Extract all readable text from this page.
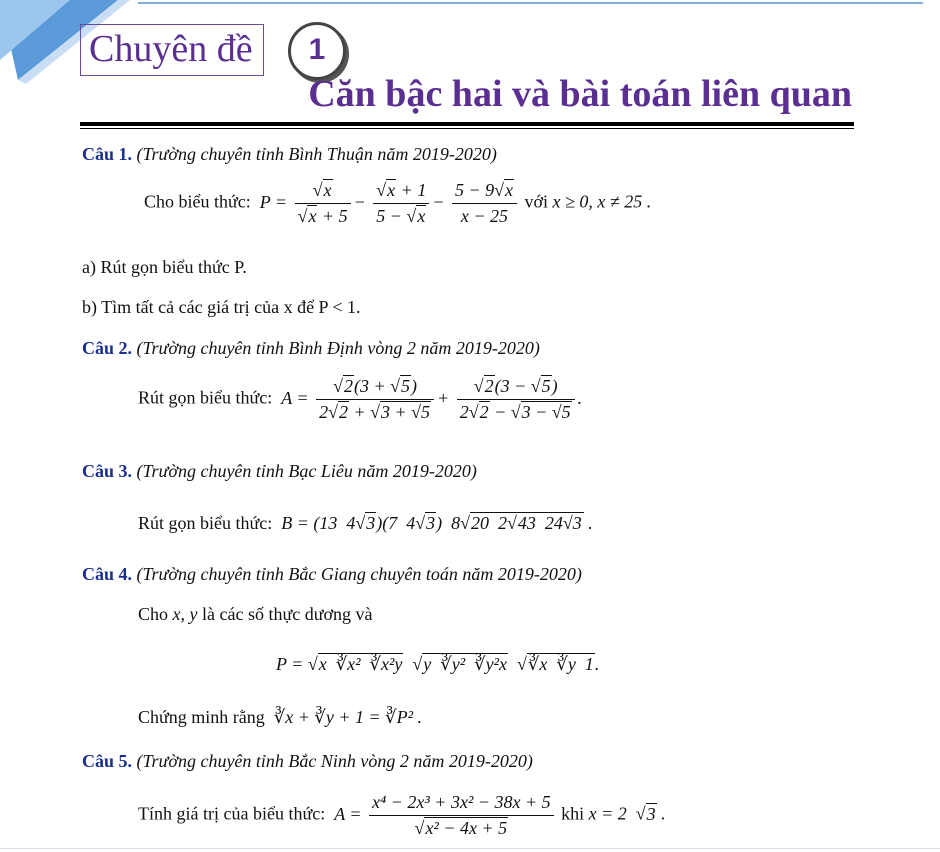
Chuyên đề	1
Căn bậc hai và bài toán liên quan
Câu 1. (Trường chuyên tỉnh Bình Thuận năm 2019-2020)
Cho biểu thức:  $P = \frac{√x}{√x + 5} - \frac{√x + 1}{5 - √x} - \frac{5 - 9√x}{x - 25}$ với x ≥ 0, x ≠ 25 .
a) Rút gọn biểu thức P.
b) Tìm tất cả các giá trị của x để P < 1.
Câu 2. (Trường chuyên tỉnh Bình Định vòng 2 năm 2019-2020)
Rút gọn biểu thức:  $A = \frac{√2(3 + √5)}{2√2 + √3 + √5} + \frac{√2(3 - √5)}{2√2 - √3 - √5}$ .
Câu 3. (Trường chuyên tỉnh Bạc Liêu năm 2019-2020)
Rút gọn biểu thức:  B = (13  4√3)(7  4√3)  8√20  2√43  24√3 .
Câu 4. (Trường chuyên tỉnh Bắc Giang chuyên toán năm 2019-2020)
Cho x, y là các số thực dương và
P = √x  ∛x²  ∛x²y  √y  ∛y²  ∛y²x  √∛x  ∛y  1.
Chứng minh rằng  ∛x + ∛y + 1 = ∛P² .
Câu 5. (Trường chuyên tỉnh Bắc Ninh vòng 2 năm 2019-2020)
Tính giá trị của biểu thức:  $A = \frac{\text{x⁴ − 2x³ + 3x² − 38x + 5}}{\text{√x² − 4x + 5}}$ khi x = 2  √3 .
